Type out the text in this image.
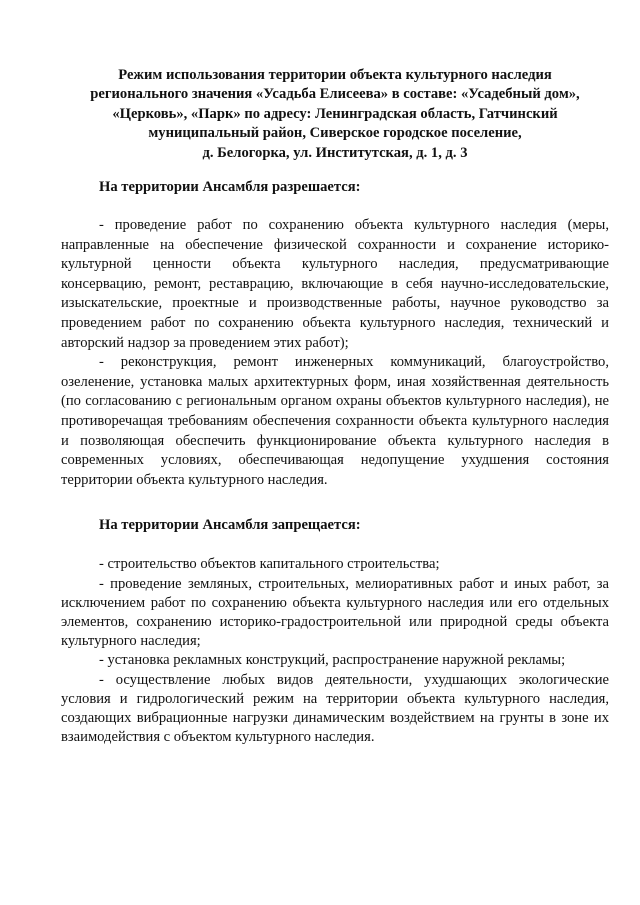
Режим использования территории объекта культурного наследия
регионального значения «Усадьба Елисеева» в составе: «Усадебный дом»,
«Церковь», «Парк» по адресу: Ленинградская область, Гатчинский
муниципальный район, Сиверское городское поселение,
д. Белогорка, ул. Институтская, д. 1, д. 3
На территории Ансамбля разрешается:
- проведение работ по сохранению объекта культурного наследия (меры, направленные на обеспечение физической сохранности и сохранение историко-культурной ценности объекта культурного наследия, предусматривающие консервацию, ремонт, реставрацию, включающие в себя научно-исследовательские, изыскательские, проектные и производственные работы, научное руководство за проведением работ по сохранению объекта культурного наследия, технический и авторский надзор за проведением этих работ);
- реконструкция, ремонт инженерных коммуникаций, благоустройство, озеленение, установка малых архитектурных форм, иная хозяйственная деятельность (по согласованию с региональным органом охраны объектов культурного наследия), не противоречащая требованиям обеспечения сохранности объекта культурного наследия и позволяющая обеспечить функционирование объекта культурного наследия в современных условиях, обеспечивающая недопущение ухудшения состояния территории объекта культурного наследия.
На территории Ансамбля запрещается:
- строительство объектов капитального строительства;
- проведение земляных, строительных, мелиоративных работ и иных работ, за исключением работ по сохранению объекта культурного наследия или его отдельных элементов, сохранению историко-градостроительной или природной среды объекта культурного наследия;
- установка рекламных конструкций, распространение наружной рекламы;
- осуществление любых видов деятельности, ухудшающих экологические условия и гидрологический режим на территории объекта культурного наследия, создающих вибрационные нагрузки динамическим воздействием на грунты в зоне их взаимодействия с объектом культурного наследия.
